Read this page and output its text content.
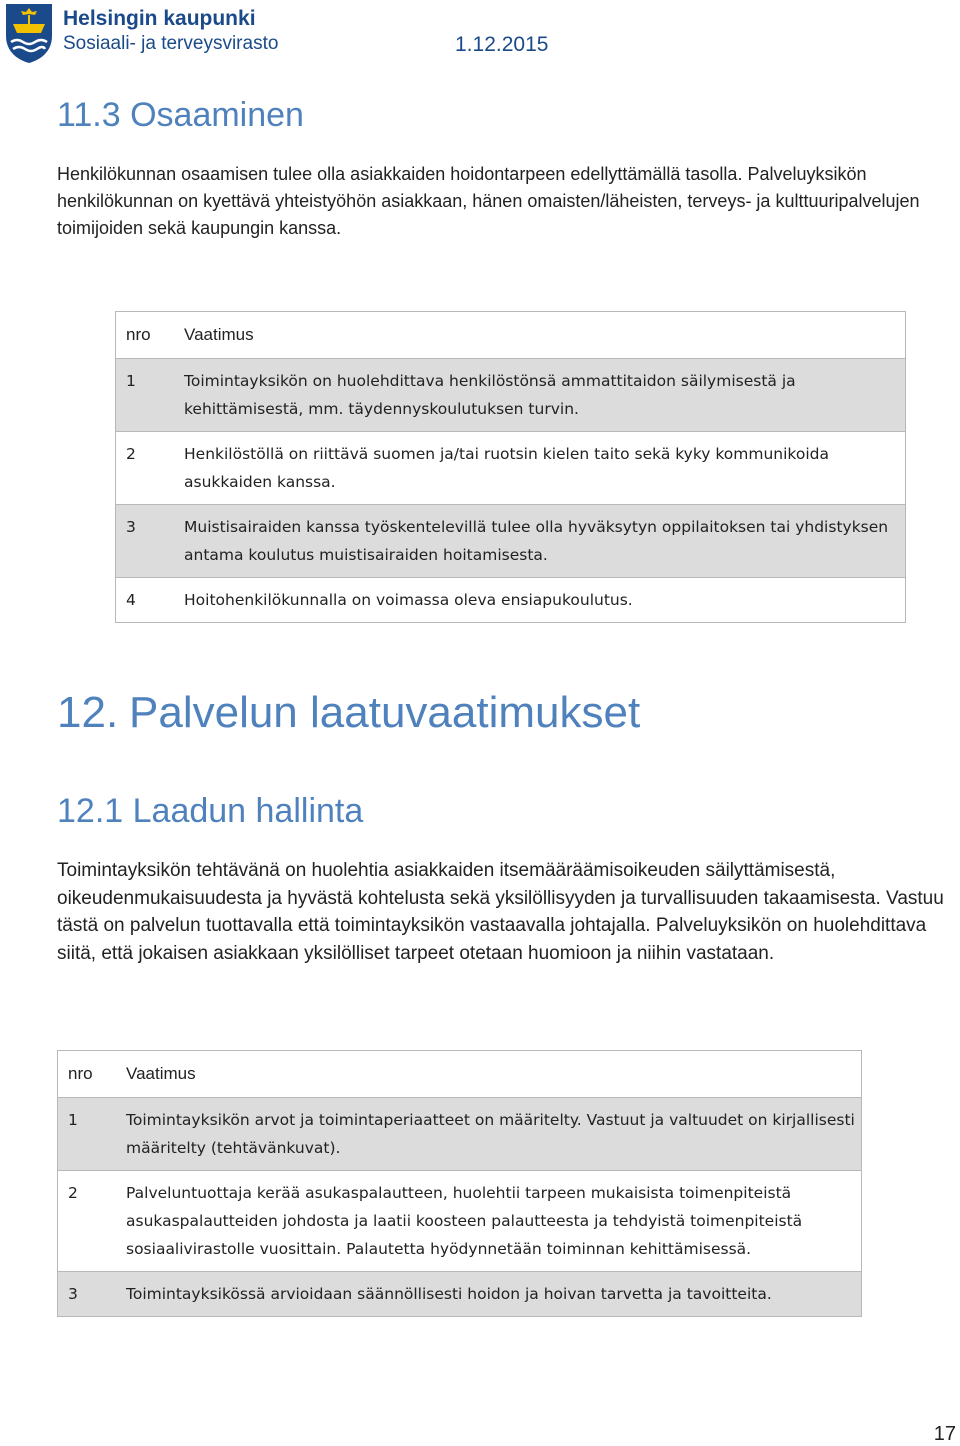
Helsingin kaupunki
Sosiaali- ja terveysvirasto	1.12.2015
11.3 Osaaminen
Henkilökunnan osaamisen tulee olla asiakkaiden hoidontarpeen edellyttämällä tasolla. Palveluyksikön henkilökunnan on kyettävä yhteistyöhön asiakkaan, hänen omaisten/läheisten, terveys- ja kulttuuripalvelujen toimijoiden sekä kaupungin kanssa.
nro	Vaatimus

1	Toimintayksikön on huolehdittava henkilöstönsä ammattitaidon säilymisestä ja kehittämisestä, mm. täydennyskoulutuksen turvin.

2	Henkilöstöllä on riittävä suomen ja/tai ruotsin kielen taito sekä kyky kommunikoida asukkaiden kanssa.

3	Muistisairaiden kanssa työskentelevillä tulee olla hyväksytyn oppilaitoksen tai yhdistyksen antama koulutus muistisairaiden hoitamisesta.

4	Hoitohenkilökunnalla on voimassa oleva ensiapukoulutus.
12. Palvelun laatuvaatimukset
12.1 Laadun hallinta
Toimintayksikön tehtävänä on huolehtia asiakkaiden itsemääräämisoikeuden säilyttämisestä, oikeudenmukaisuudesta ja hyvästä kohtelusta sekä yksilöllisyyden ja turvallisuuden takaamisesta. Vastuu tästä on palvelun tuottavalla että toimintayksikön vastaavalla johtajalla. Palveluyksikön on huolehdittava siitä, että jokaisen asiakkaan yksilölliset tarpeet otetaan huomioon ja niihin vastataan.
nro	Vaatimus

1	Toimintayksikön arvot ja toimintaperiaatteet on määritelty. Vastuut ja valtuudet on kirjallisesti määritelty (tehtävänkuvat).

2	Palveluntuottaja kerää asukaspalautteen, huolehtii tarpeen mukaisista toimenpiteistä asukaspalautteiden johdosta ja laatii koosteen palautteesta ja tehdyistä toimenpiteistä sosiaalivirastolle vuosittain. Palautetta hyödynnetään toiminnan kehittämisessä.

3	Toimintayksikössä arvioidaan säännöllisesti hoidon ja hoivan tarvetta ja tavoitteita.
17
